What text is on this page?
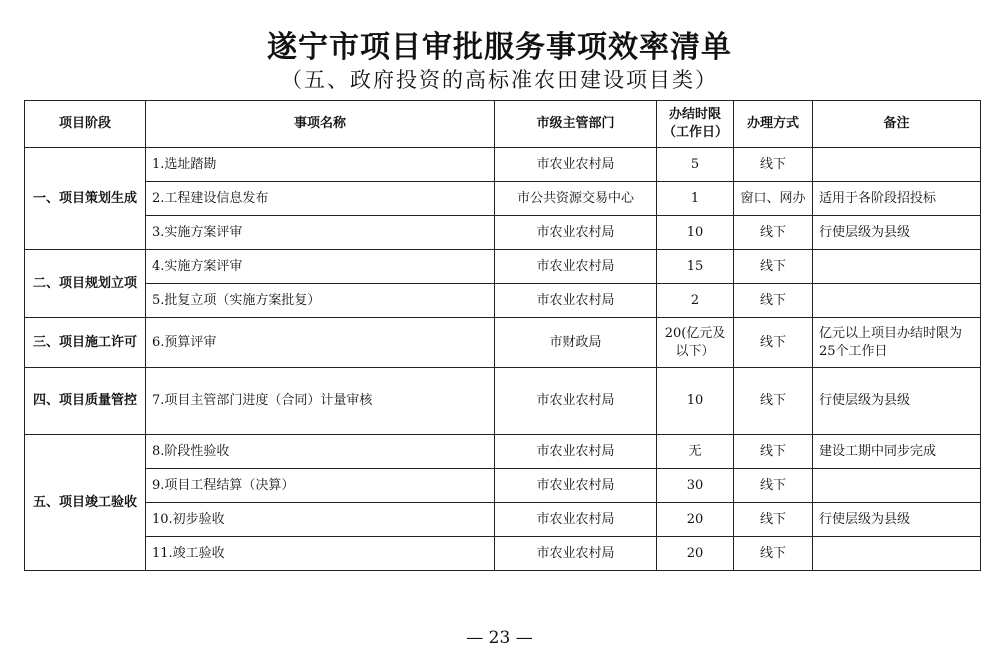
遂宁市项目审批服务事项效率清单
（五、政府投资的高标准农田建设项目类）
项目阶段	事项名称	市级主管部门	办结时限（工作日）	办理方式	备注
一、项目策划生成	1.选址踏勘	市农业农村局	5	线下	
	2.工程建设信息发布	市公共资源交易中心	1	窗口、网办	适用于各阶段招投标
	3.实施方案评审	市农业农村局	10	线下	行使层级为县级
二、项目规划立项	4.实施方案评审	市农业农村局	15	线下	
	5.批复立项（实施方案批复）	市农业农村局	2	线下	
三、项目施工许可	6.预算评审	市财政局	20(亿元及以下）	线下	亿元以上项目办结时限为25个工作日
四、项目质量管控	7.项目主管部门进度（合同）计量审核	市农业农村局	10	线下	行使层级为县级
五、项目竣工验收	8.阶段性验收	市农业农村局	无	线下	建设工期中同步完成
	9.项目工程结算（决算）	市农业农村局	30	线下	
	10.初步验收	市农业农村局	20	线下	行使层级为县级
	11.竣工验收	市农业农村局	20	线下	
— 23 —
